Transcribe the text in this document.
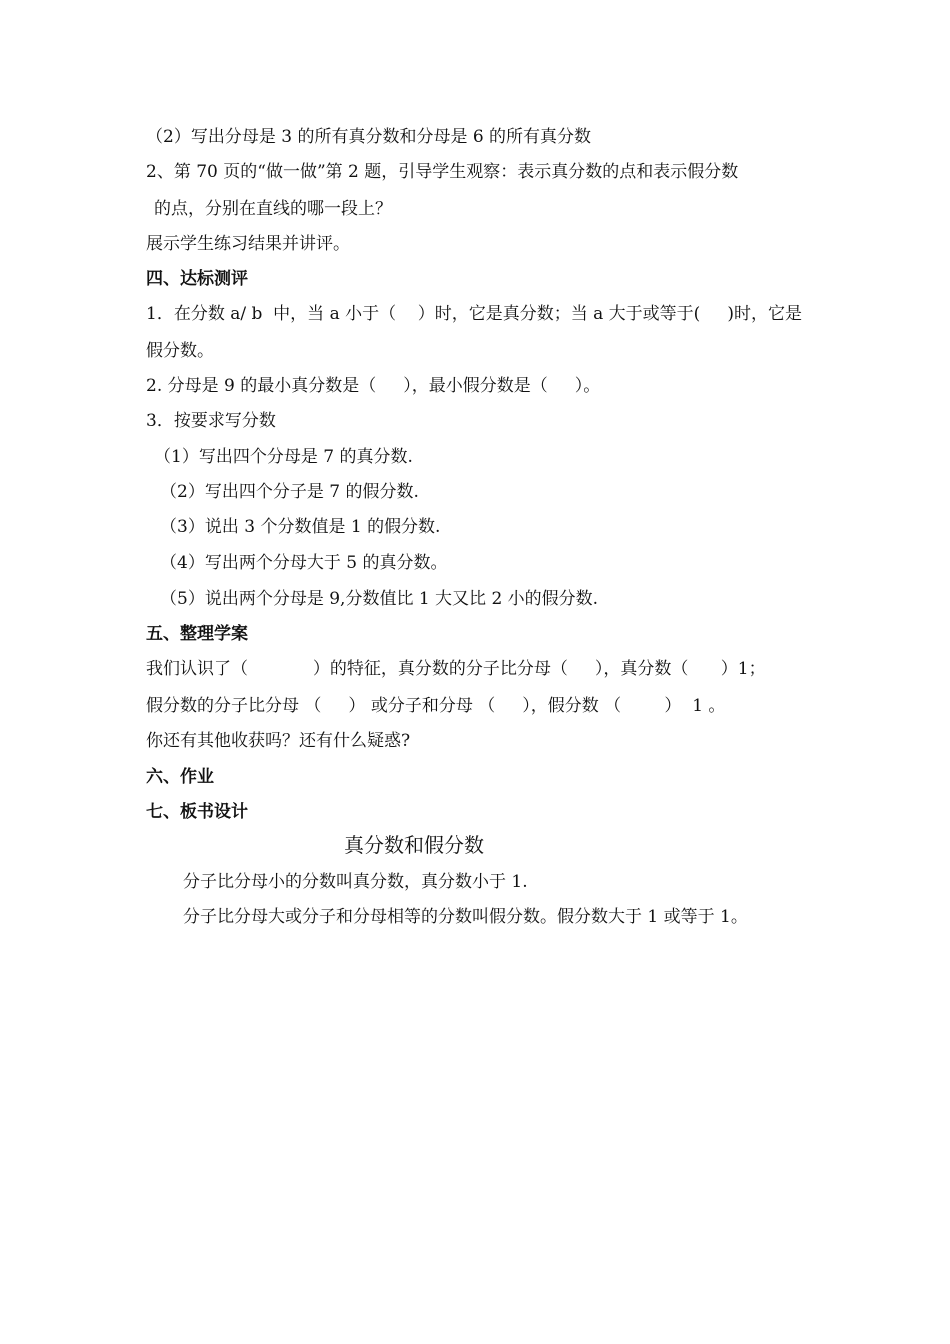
（2）写出分母是 3 的所有真分数和分母是 6 的所有真分数
2、第 70 页的“做一做”第 2 题，引导学生观察：表示真分数的点和表示假分数
的点，分别在直线的哪一段上？
展示学生练习结果并讲评。
四、达标测评
1．在分数 a/ b  中，当 a 小于（    ）时，它是真分数；当 a 大于或等于(     )时，它是
假分数。
2. 分母是 9 的最小真分数是（     ），最小假分数是（     ）。
3．按要求写分数
（1）写出四个分母是 7 的真分数.
（2）写出四个分子是 7 的假分数.
（3）说出 3 个分数值是 1 的假分数.
（4）写出两个分母大于 5 的真分数。
（5）说出两个分母是 9,分数值比 1 大又比 2 小的假分数.
五、整理学案
我们认识了（            ）的特征，真分数的分子比分母（     ），真分数（      ）1；
假分数的分子比分母 （     ） 或分子和分母 （     ），假分数 （        ）  1 。
你还有其他收获吗？还有什么疑惑?
六、作业
七、板书设计
真分数和假分数
分子比分母小的分数叫真分数，真分数小于 1.
分子比分母大或分子和分母相等的分数叫假分数。假分数大于 1 或等于 1。
